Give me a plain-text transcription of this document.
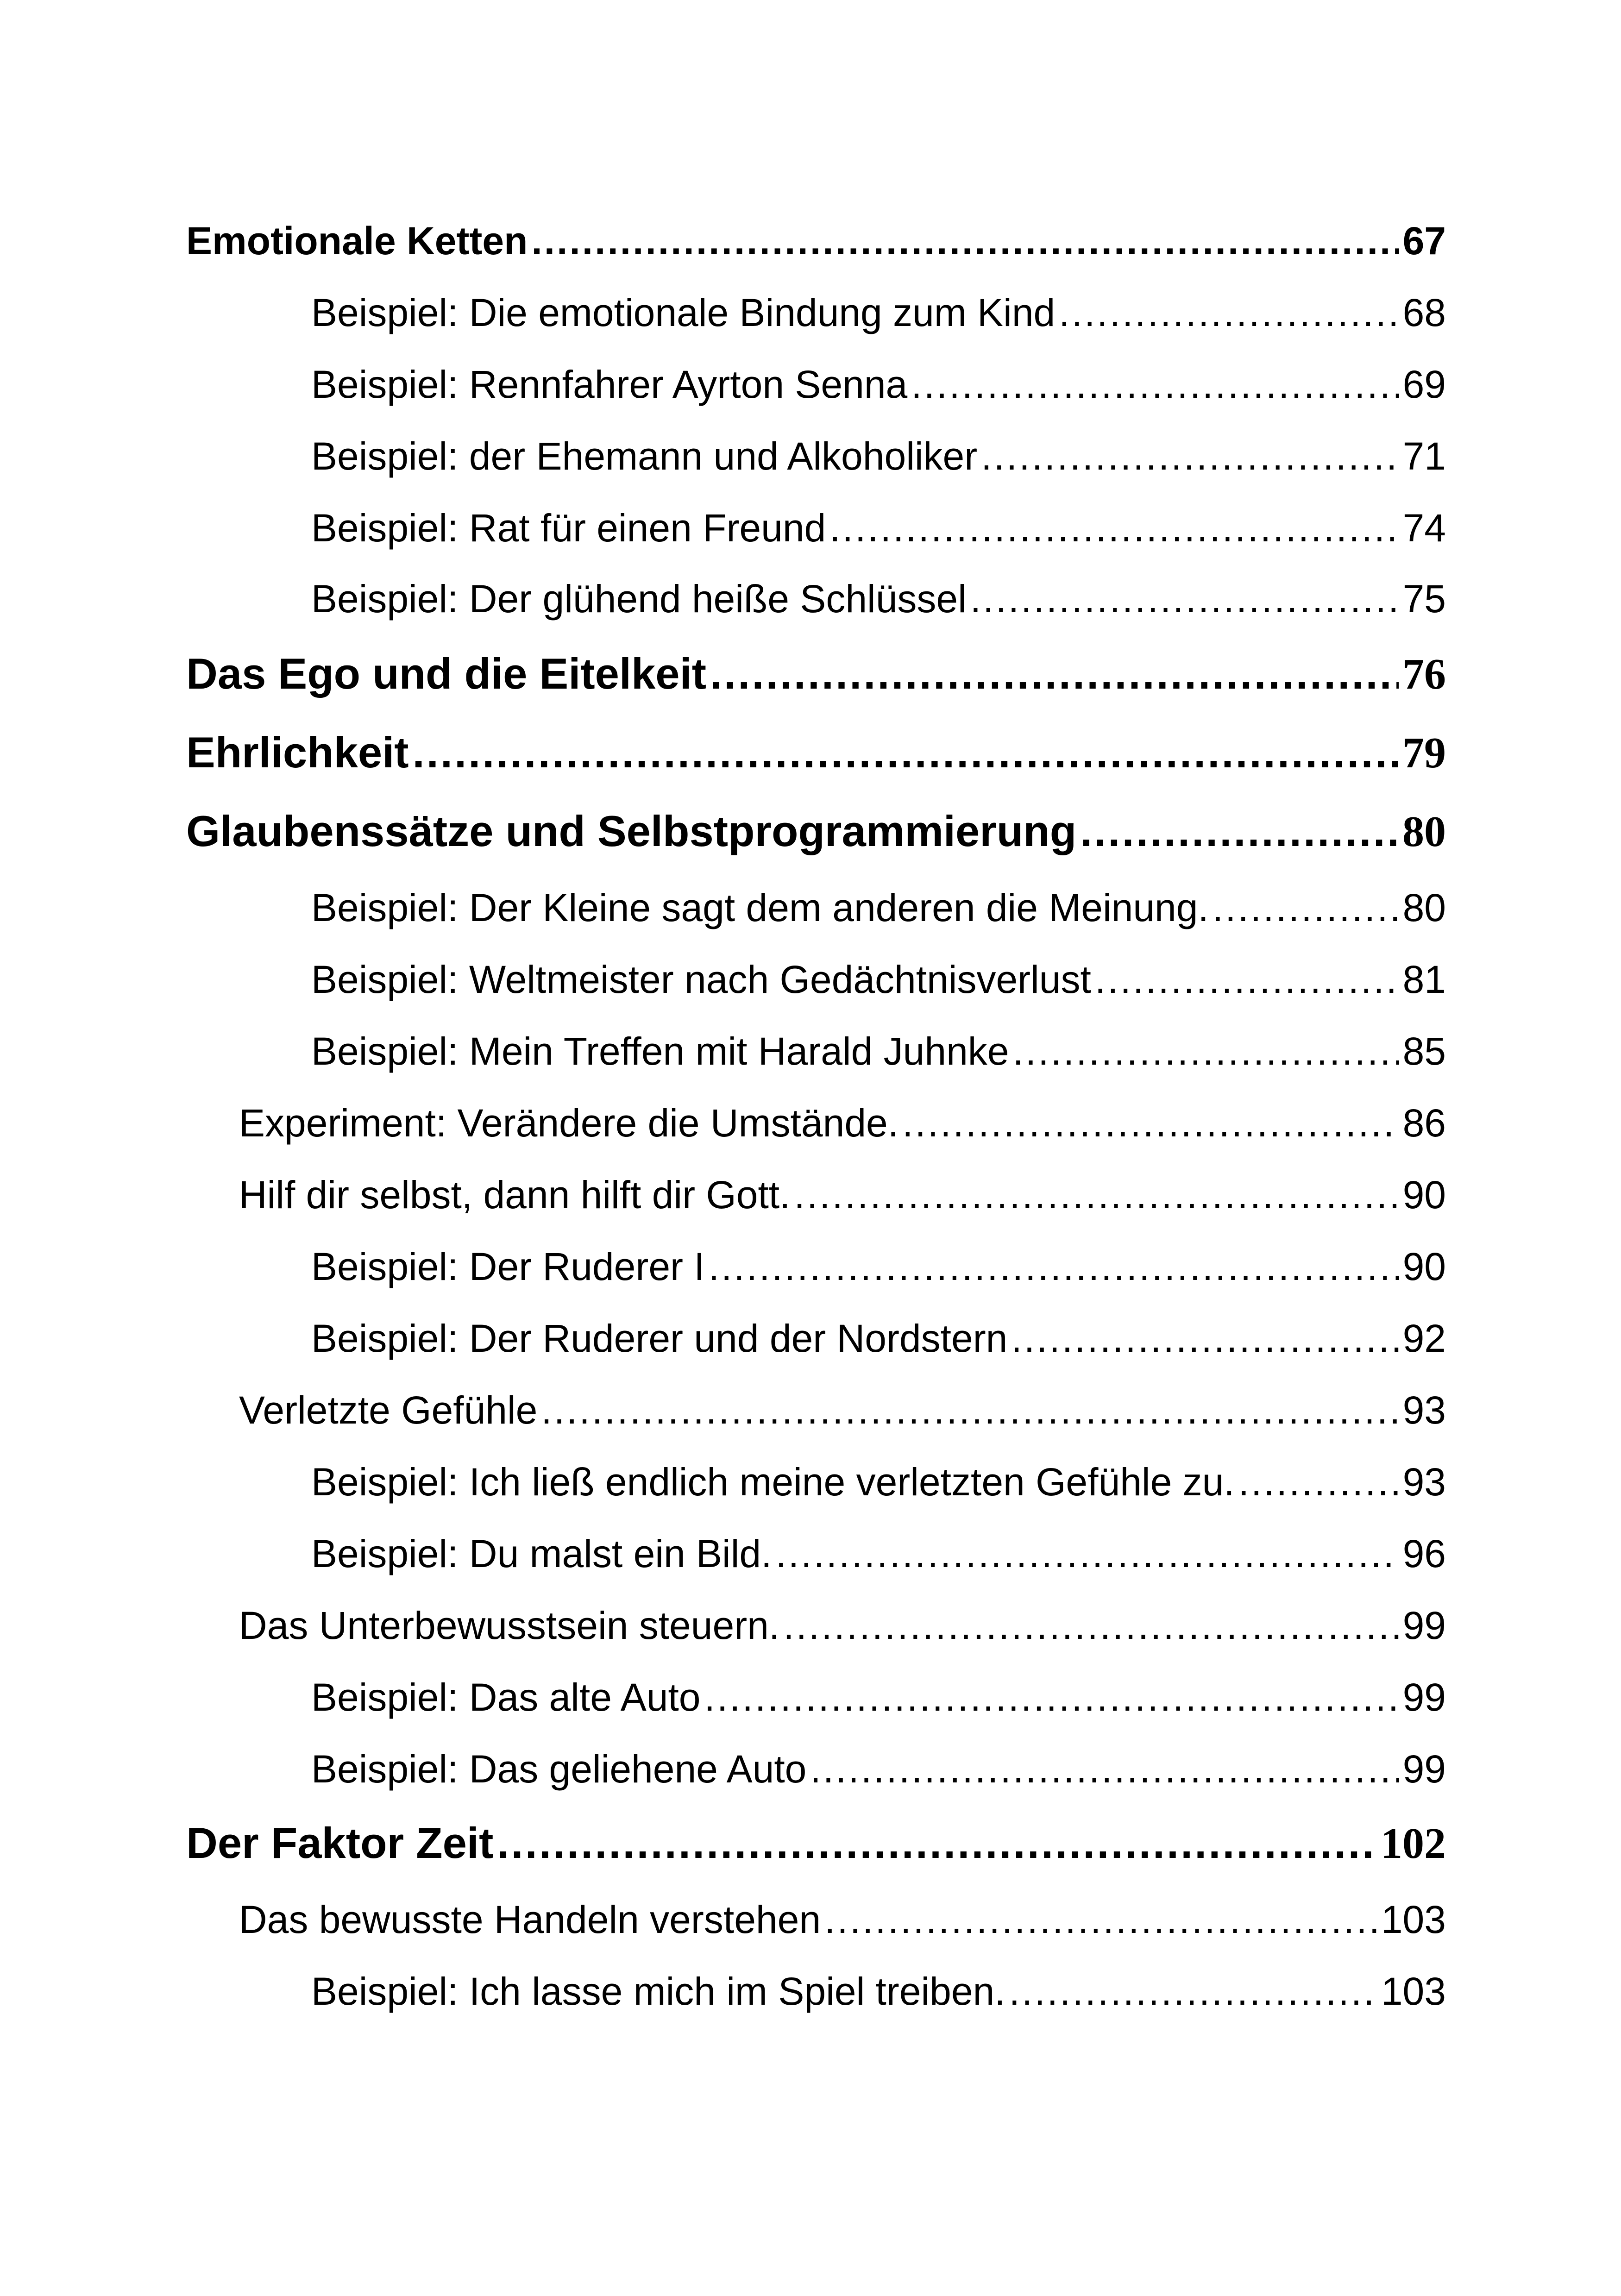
Emotionale Ketten .....	67
Beispiel: Die emotionale Bindung zum Kind .....	68
Beispiel: Rennfahrer Ayrton Senna .....	69
Beispiel: der Ehemann und Alkoholiker .....	71
Beispiel: Rat für einen Freund .....	74
Beispiel: Der glühend heiße Schlüssel .....	75
Das Ego und die Eitelkeit .....	76
Ehrlichkeit .....	79
Glaubenssätze und Selbstprogrammierung .....	80
Beispiel: Der Kleine sagt dem anderen die Meinung. .....	80
Beispiel: Weltmeister nach Gedächtnisverlust .....	81
Beispiel: Mein Treffen mit Harald Juhnke .....	85
Experiment: Verändere die Umstände. .....	86
Hilf dir selbst, dann hilft dir Gott. .....	90
Beispiel: Der Ruderer I .....	90
Beispiel: Der Ruderer und der Nordstern .....	92
Verletzte Gefühle .....	93
Beispiel: Ich ließ endlich meine verletzten Gefühle zu. .....	93
Beispiel: Du malst ein Bild. .....	96
Das Unterbewusstsein steuern. .....	99
Beispiel: Das alte Auto .....	99
Beispiel: Das geliehene Auto .....	99
Der Faktor Zeit .....	102
Das bewusste Handeln verstehen .....	103
Beispiel: Ich lasse mich im Spiel treiben. .....	103
